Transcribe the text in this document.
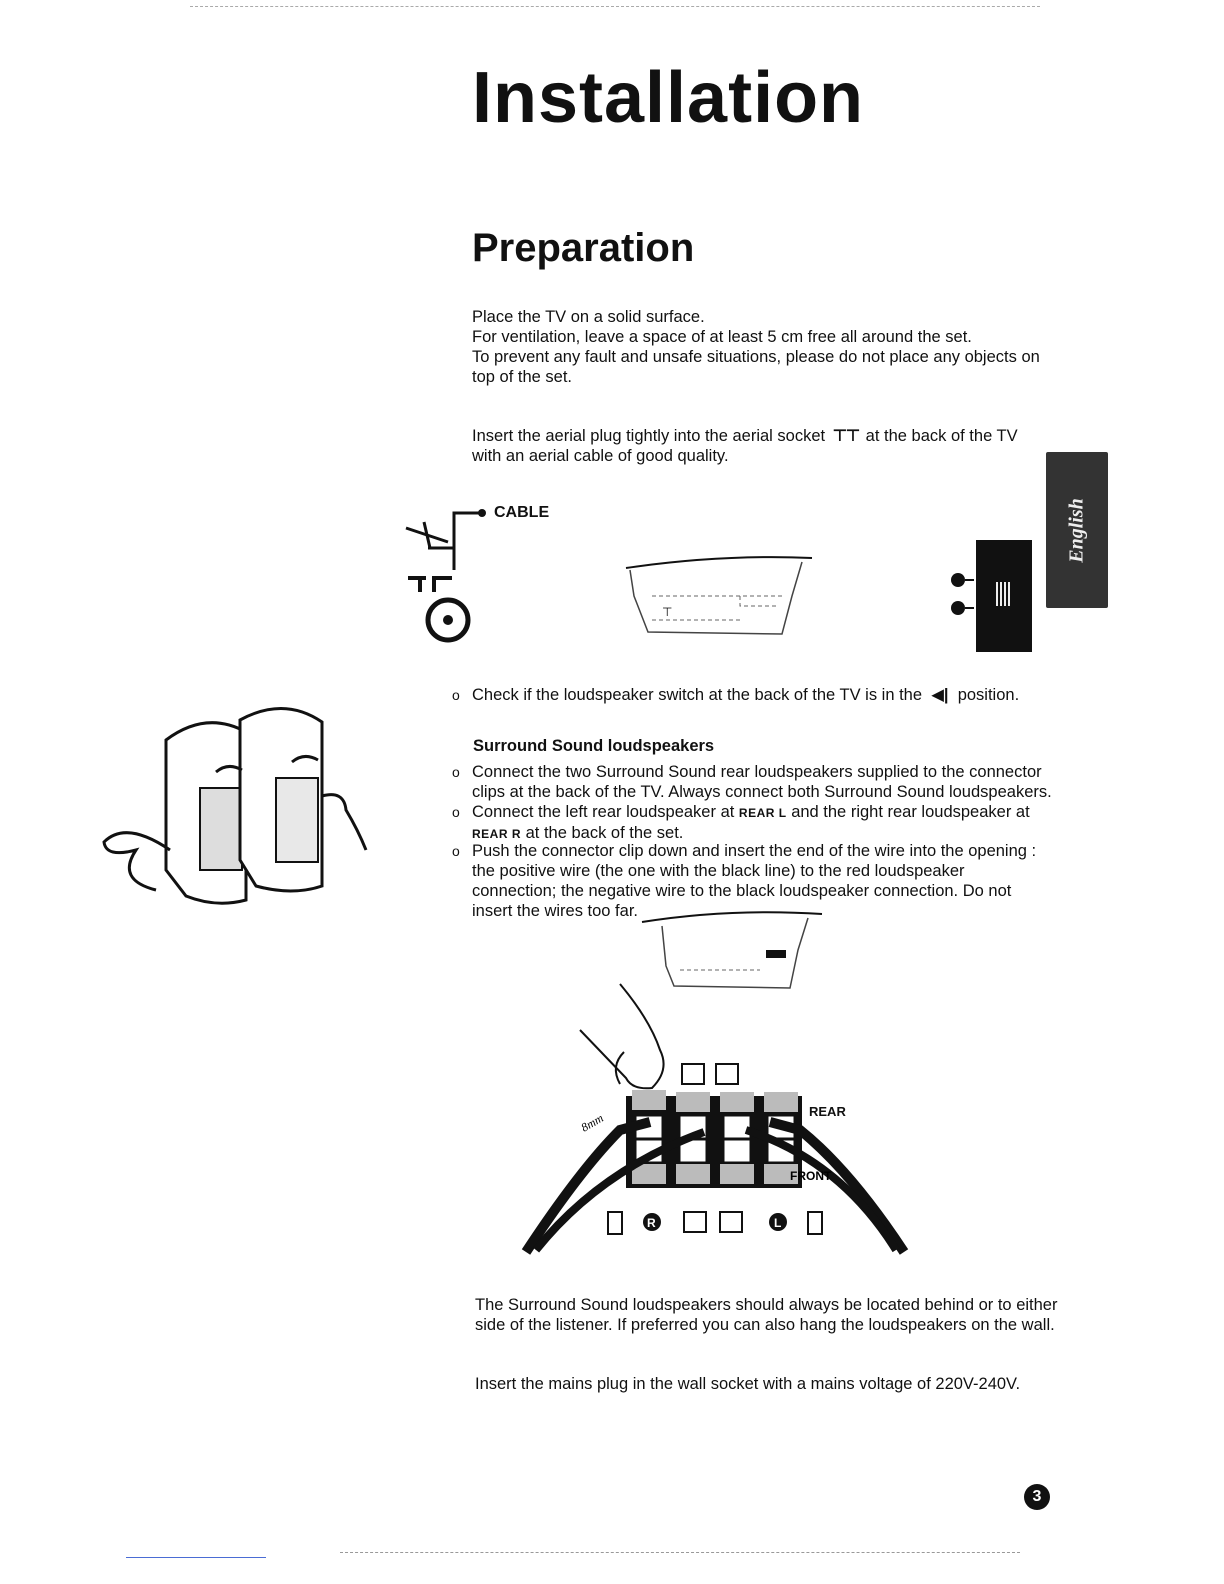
Installation
Preparation
Place the TV on a solid surface.
For ventilation, leave a space of at least 5 cm free all around the set.
To prevent any fault and unsafe situations, please do not place any objects on
top of the set.
Insert the aerial plug tightly into the aerial socket  ⊤⊤  at the back of the TV
with an aerial cable of good quality.
English
CABLE
⊤
o Check if the loudspeaker switch at the back of the TV is in the  ◀|  position.
Surround Sound loudspeakers
o Connect the two Surround Sound rear loudspeakers supplied to the connector
clips at the back of the TV. Always connect both Surround Sound loudspeakers.
o Connect the left rear loudspeaker at REAR L and the right rear loudspeaker at
REAR R at the back of the set.
o Push the connector clip down and insert the end of the wire into the opening :
the positive wire (the one with the black line) to the red loudspeaker
connection; the negative wire to the black loudspeaker connection. Do not
insert the wires too far.
8mm
R	L
FRONT
REAR
The Surround Sound loudspeakers should always be located behind or to either
side of the listener. If preferred you can also hang the loudspeakers on the wall.
Insert the mains plug in the wall socket with a mains voltage of 220V-240V.
3
